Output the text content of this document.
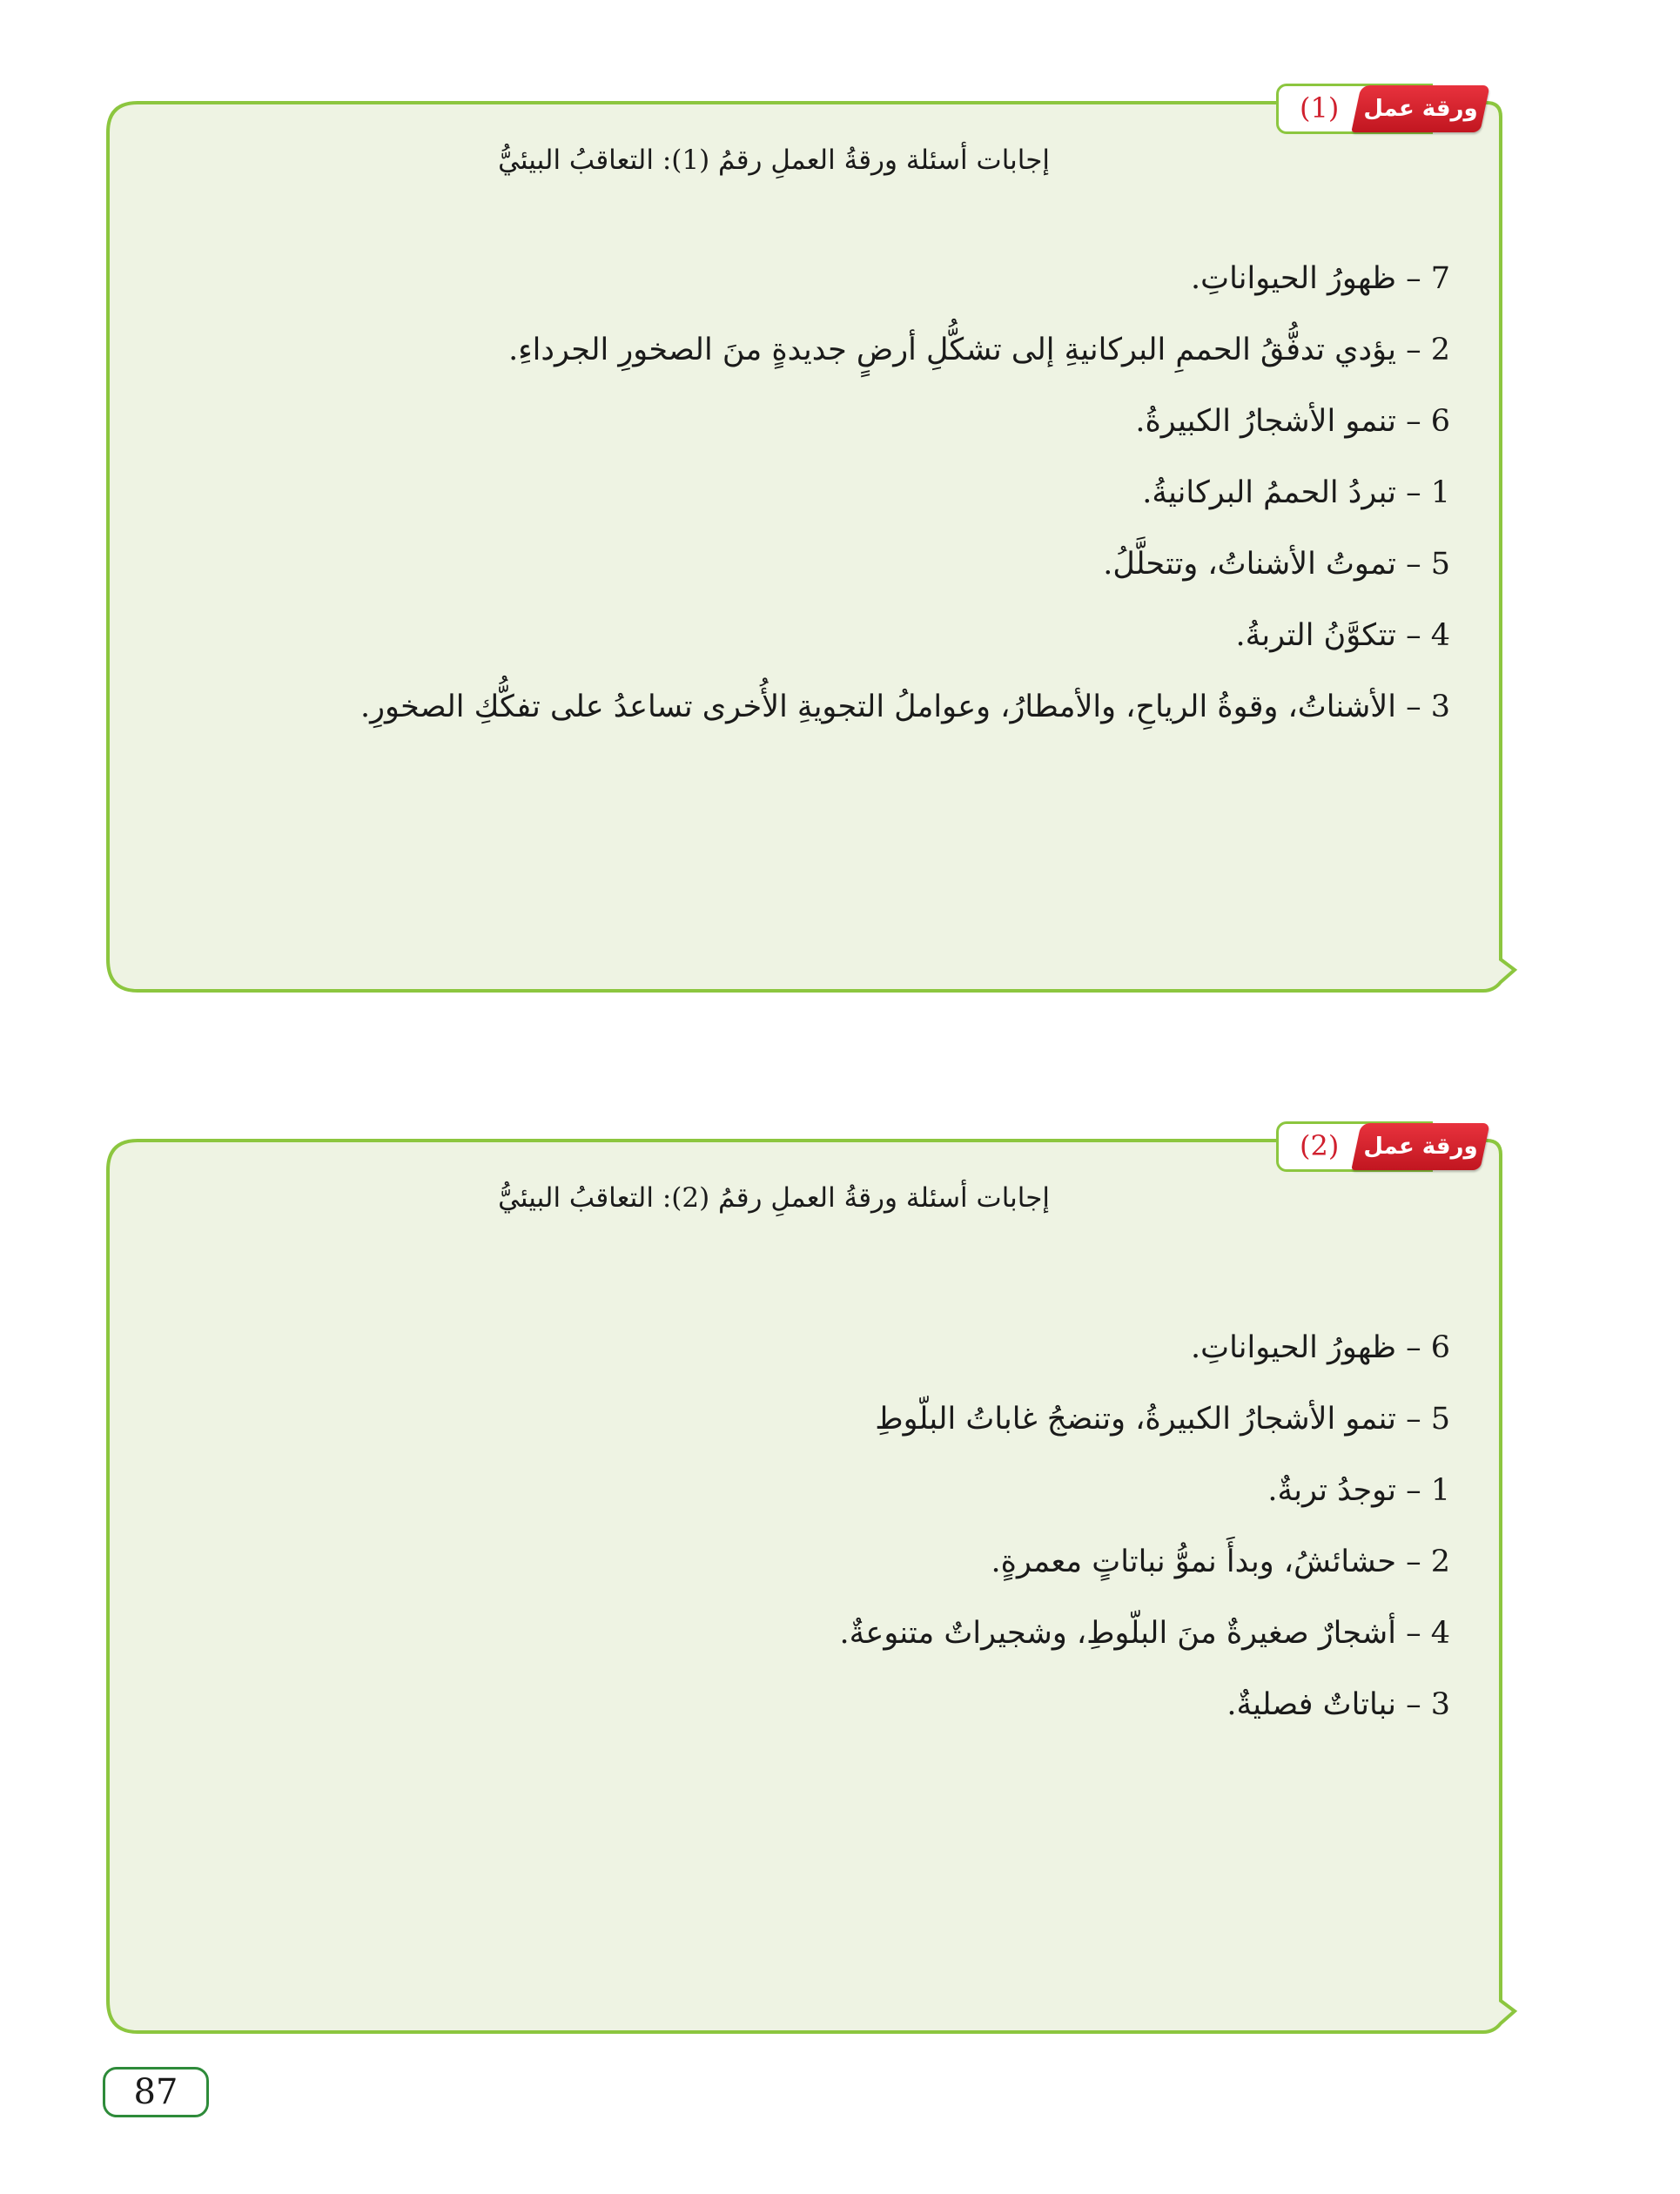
(1)	ورقة عمل
إجابات أسئلة ورقةُ العملِ رقمُ (1): التعاقبُ البيئيُّ
7 – ظهورُ الحيواناتِ.
2 – يؤدي تدفُّقُ الحممِ البركانيةِ إلى تشكُّلِ أرضٍ جديدةٍ منَ الصخورِ الجرداءِ.
6 – تنمو الأشجارُ الكبيرةُ.
1 – تبردُ الحممُ البركانيةُ.
5 – تموتُ الأشناتُ، وتتحلَّلُ.
4 – تتكوَّنُ التربةُ.
3 – الأشناتُ، وقوةُ الرياحِ، والأمطارُ، وعواملُ التجويةِ الأُخرى تساعدُ على تفكُّكِ الصخورِ.
(2)	ورقة عمل
إجابات أسئلة ورقةُ العملِ رقمُ (2): التعاقبُ البيئيُّ
6 – ظهورُ الحيواناتِ.
5 – تنمو الأشجارُ الكبيرةُ، وتنضجُ غاباتُ البلّوطِ
1 – توجدُ تربةٌ.
2 – حشائشُ، وبدأَ نموُّ نباتاتٍ معمرةٍ.
4 – أشجارٌ صغيرةٌ منَ البلّوطِ، وشجيراتٌ متنوعةٌ.
3 – نباتاتٌ فصليةٌ.
87
